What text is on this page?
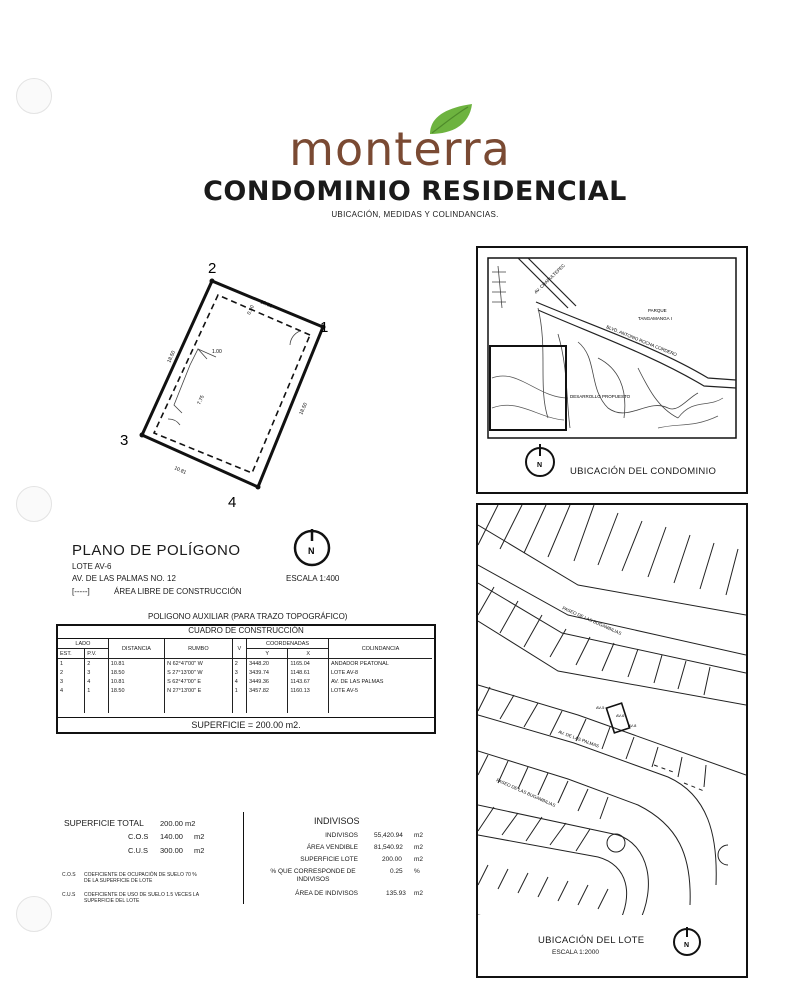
monterra
CONDOMINIO RESIDENCIAL
UBICACIÓN, MEDIDAS Y COLINDANCIAS.
1
2
3
4
10.81
18.50
18.50
10.81
1.00
0.50
7.75
AV. CHAPULTEPEC
PARQUE
TANGAMANGA I
BLVD. ANTONIO ROCHA CORDERO
DESARROLLO PROPUESTO
N
UBICACIÓN DEL CONDOMINIO
PLANO DE POLÍGONO
LOTE AV-6
AV. DE LAS PALMAS NO. 12
[-----]	ÁREA LIBRE DE CONSTRUCCIÓN
N
ESCALA 1:400
POLIGONO AUXILIAR (PARA TRAZO TOPOGRÁFICO)
CUADRO DE CONSTRUCCIÓN
LADO		DISTANCIA	RUMBO	V	COORDENADAS		COLINDANCIA
EST.	P.V.				Y	X	
1	2	10.81	N 62°47'00" W	2	3448.20	1165.04	ANDADOR PEATONAL
2	3	18.50	S 27°13'00" W	3	3439.74	1148.61	LOTE AV-8
3	4	10.81	S 62°47'00" E	4	3449.36	1143.67	AV. DE LAS PALMAS
4	1	18.50	N 27°13'00" E	1	3457.82	1160.13	LOTE AV-5

SUPERFICIE = 200.00 m2.
SUPERFICIE TOTAL 200.00 m2
C.O.S 140.00 m2
C.U.S 300.00 m2
C.O.S COEFICIENTE DE OCUPACIÓN DE SUELO 70 % DE LA SUPERFICIE DE LOTE
C.U.S COEFICIENTE DE USO DE SUELO 1.5 VECES LA SUPERFICIE DEL LOTE
INDIVISOS
INDIVISOS 55,420.94 m2
ÁREA VENDIBLE 81,540.92 m2
SUPERFICIE LOTE	200.00 m2
% QUE CORRESPONDE DE INDIVISOS
0.25 %
ÁREA DE INDIVISOS	135.93 m2
PASEO DE LAS BUGAMBILIAS
AV. DE LAS PALMAS
PASEO DE LAS BUGAMBILIAS
AV-5
AV-6
AV-8
UBICACIÓN DEL LOTE
ESCALA 1:2000
N
